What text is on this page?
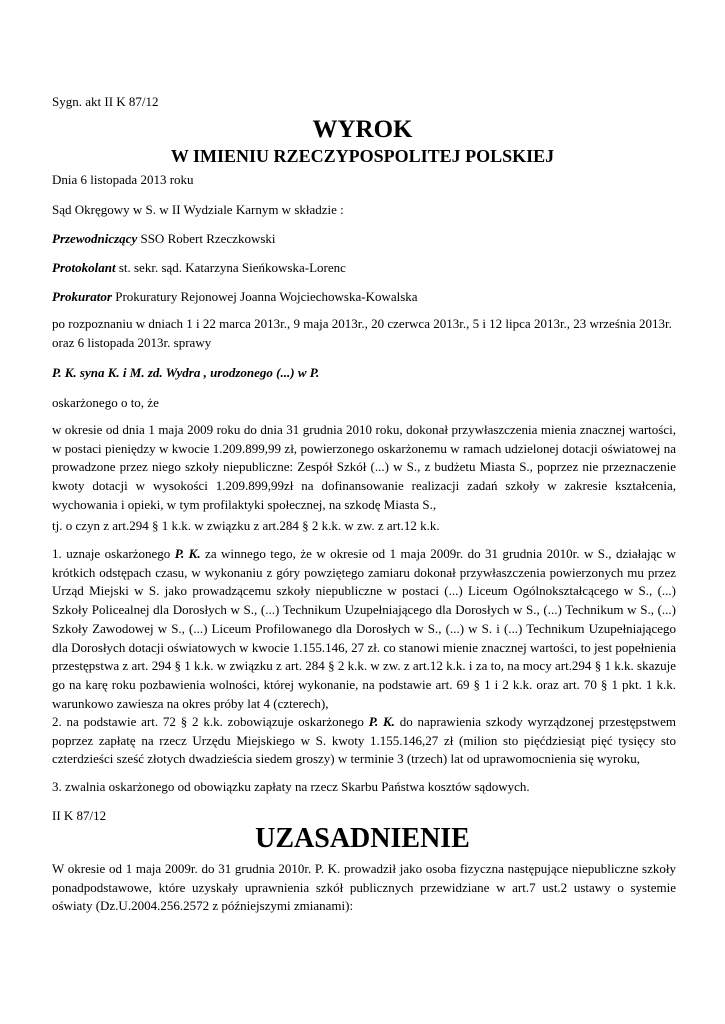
Sygn. akt II K 87/12

WYROK
W IMIENIU RZECZYPOSPOLITEJ POLSKIEJ

Dnia 6 listopada 2013 roku

Sąd Okręgowy w S. w II Wydziale Karnym w składzie :

Przewodniczący SSO Robert Rzeczkowski

Protokolant st. sekr. sąd. Katarzyna Sieńkowska-Lorenc

Prokurator Prokuratury Rejonowej Joanna Wojciechowska-Kowalska

po rozpoznaniu w dniach 1 i 22 marca 2013r., 9 maja 2013r., 20 czerwca 2013r., 5 i 12 lipca 2013r., 23 września 2013r. oraz 6 listopada 2013r. sprawy

P. K. syna K. i M. zd. Wydra , urodzonego (...) w P.

oskarżonego o to, że

w okresie od dnia 1 maja 2009 roku do dnia 31 grudnia 2010 roku, dokonał przywłaszczenia mienia znacznej wartości, w postaci pieniędzy w kwocie 1.209.899,99 zł, powierzonego oskarżonemu w ramach udzielonej dotacji oświatowej na prowadzone przez niego szkoły niepubliczne: Zespół Szkół (...) w S., z budżetu Miasta S., poprzez nie przeznaczenie kwoty dotacji w wysokości 1.209.899,99zł na dofinansowanie realizacji zadań szkoły w zakresie kształcenia, wychowania i opieki, w tym profilaktyki społecznej, na szkodę Miasta S.,

tj. o czyn z art.294 § 1 k.k. w związku z art.284 § 2 k.k. w zw. z art.12 k.k.

1. uznaje oskarżonego P. K. za winnego tego, że w okresie od 1 maja 2009r. do 31 grudnia 2010r. w S., działając w krótkich odstępach czasu, w wykonaniu z góry powziętego zamiaru dokonał przywłaszczenia powierzonych mu przez Urząd Miejski w S. jako prowadzącemu szkoły niepubliczne w postaci (...) Liceum Ogólnokształcącego w S., (...) Szkoły Policealnej dla Dorosłych w S., (...) Technikum Uzupełniającego dla Dorosłych w S., (...) Technikum w S., (...) Szkoły Zawodowej w S., (...) Liceum Profilowanego dla Dorosłych w S., (...) w S. i (...) Technikum Uzupełniającego dla Dorosłych dotacji oświatowych w kwocie 1.155.146, 27 zł. co stanowi mienie znacznej wartości, to jest popełnienia przestępstwa z art. 294 § 1 k.k. w związku z art. 284 § 2 k.k. w zw. z art.12 k.k. i za to, na mocy art.294 § 1 k.k. skazuje go na karę roku pozbawienia wolności, której wykonanie, na podstawie art. 69 § 1 i 2 k.k. oraz art. 70 § 1 pkt. 1 k.k. warunkowo zawiesza na okres próby lat 4 (czterech),

2. na podstawie art. 72 § 2 k.k. zobowiązuje oskarżonego P. K. do naprawienia szkody wyrządzonej przestępstwem poprzez zapłatę na rzecz Urzędu Miejskiego w S. kwoty 1.155.146,27 zł (milion sto pięćdziesiąt pięć tysięcy sto czterdzieści sześć złotych dwadzieścia siedem groszy) w terminie 3 (trzech) lat od uprawomocnienia się wyroku,

3. zwalnia oskarżonego od obowiązku zapłaty na rzecz Skarbu Państwa kosztów sądowych.

II K 87/12

UZASADNIENIE

W okresie od 1 maja 2009r. do 31 grudnia 2010r. P. K. prowadził jako osoba fizyczna następujące niepubliczne szkoły ponadpodstawowe, które uzyskały uprawnienia szkół publicznych przewidziane w art.7 ust.2 ustawy o systemie oświaty (Dz.U.2004.256.2572 z późniejszymi zmianami):
